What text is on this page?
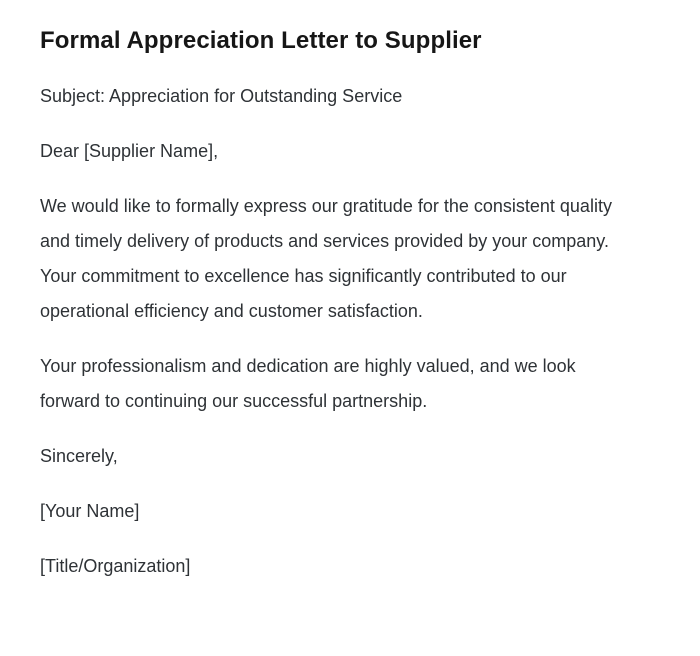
Formal Appreciation Letter to Supplier

Subject: Appreciation for Outstanding Service

Dear [Supplier Name],

We would like to formally express our gratitude for the consistent quality and timely delivery of products and services provided by your company. Your commitment to excellence has significantly contributed to our operational efficiency and customer satisfaction.

Your professionalism and dedication are highly valued, and we look forward to continuing our successful partnership.

Sincerely,

[Your Name]

[Title/Organization]
